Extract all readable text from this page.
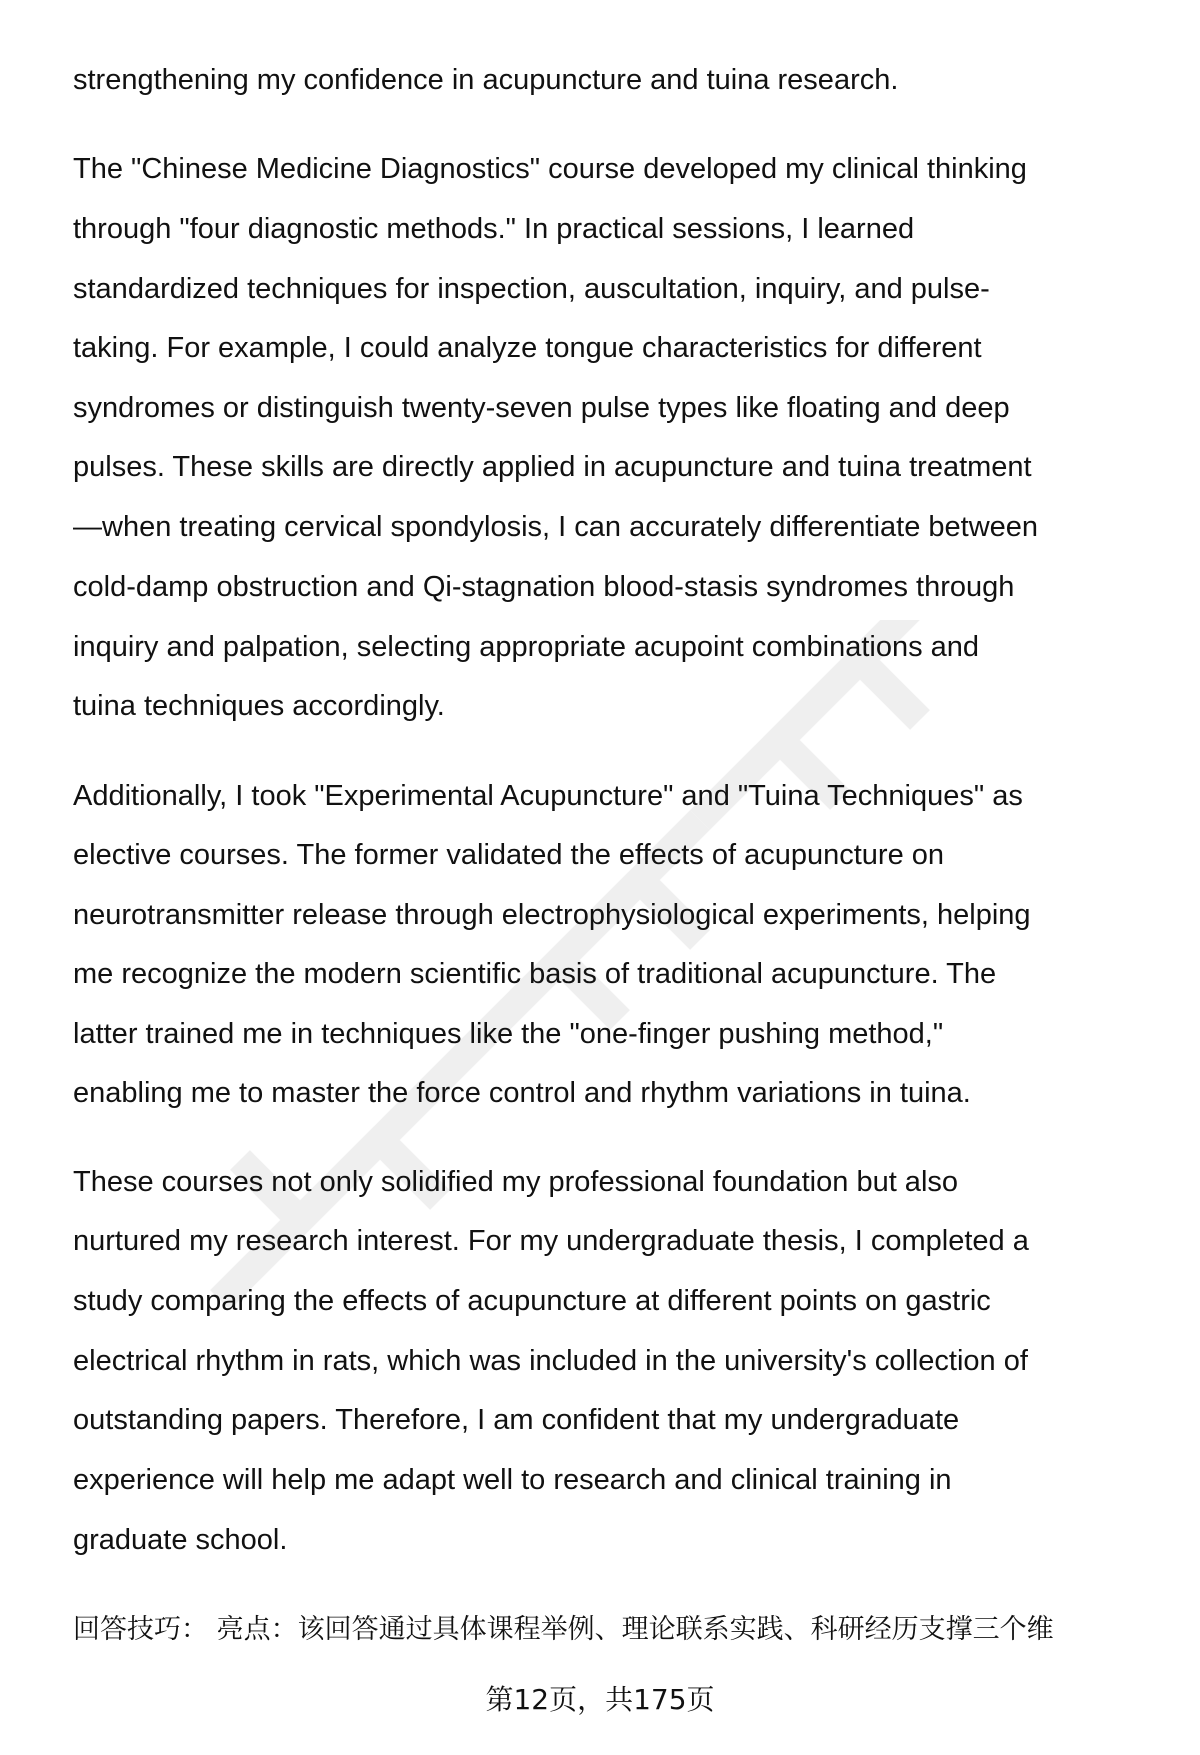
strengthening my confidence in acupuncture and tuina research.
The "Chinese Medicine Diagnostics" course developed my clinical thinking
through "four diagnostic methods." In practical sessions, I learned
standardized techniques for inspection, auscultation, inquiry, and pulse-
taking. For example, I could analyze tongue characteristics for different
syndromes or distinguish twenty-seven pulse types like floating and deep
pulses. These skills are directly applied in acupuncture and tuina treatment
—when treating cervical spondylosis, I can accurately differentiate between
cold-damp obstruction and Qi-stagnation blood-stasis syndromes through
inquiry and palpation, selecting appropriate acupoint combinations and
tuina techniques accordingly.
Additionally, I took "Experimental Acupuncture" and "Tuina Techniques" as
elective courses. The former validated the effects of acupuncture on
neurotransmitter release through electrophysiological experiments, helping
me recognize the modern scientific basis of traditional acupuncture. The
latter trained me in techniques like the "one-finger pushing method,"
enabling me to master the force control and rhythm variations in tuina.
These courses not only solidified my professional foundation but also
nurtured my research interest. For my undergraduate thesis, I completed a
study comparing the effects of acupuncture at different points on gastric
electrical rhythm in rats, which was included in the university's collection of
outstanding papers. Therefore, I am confident that my undergraduate
experience will help me adapt well to research and clinical training in
graduate school.
回答技巧： 亮点：该回答通过具体课程举例、理论联系实践、科研经历支撑三个维
第12页，共175页
